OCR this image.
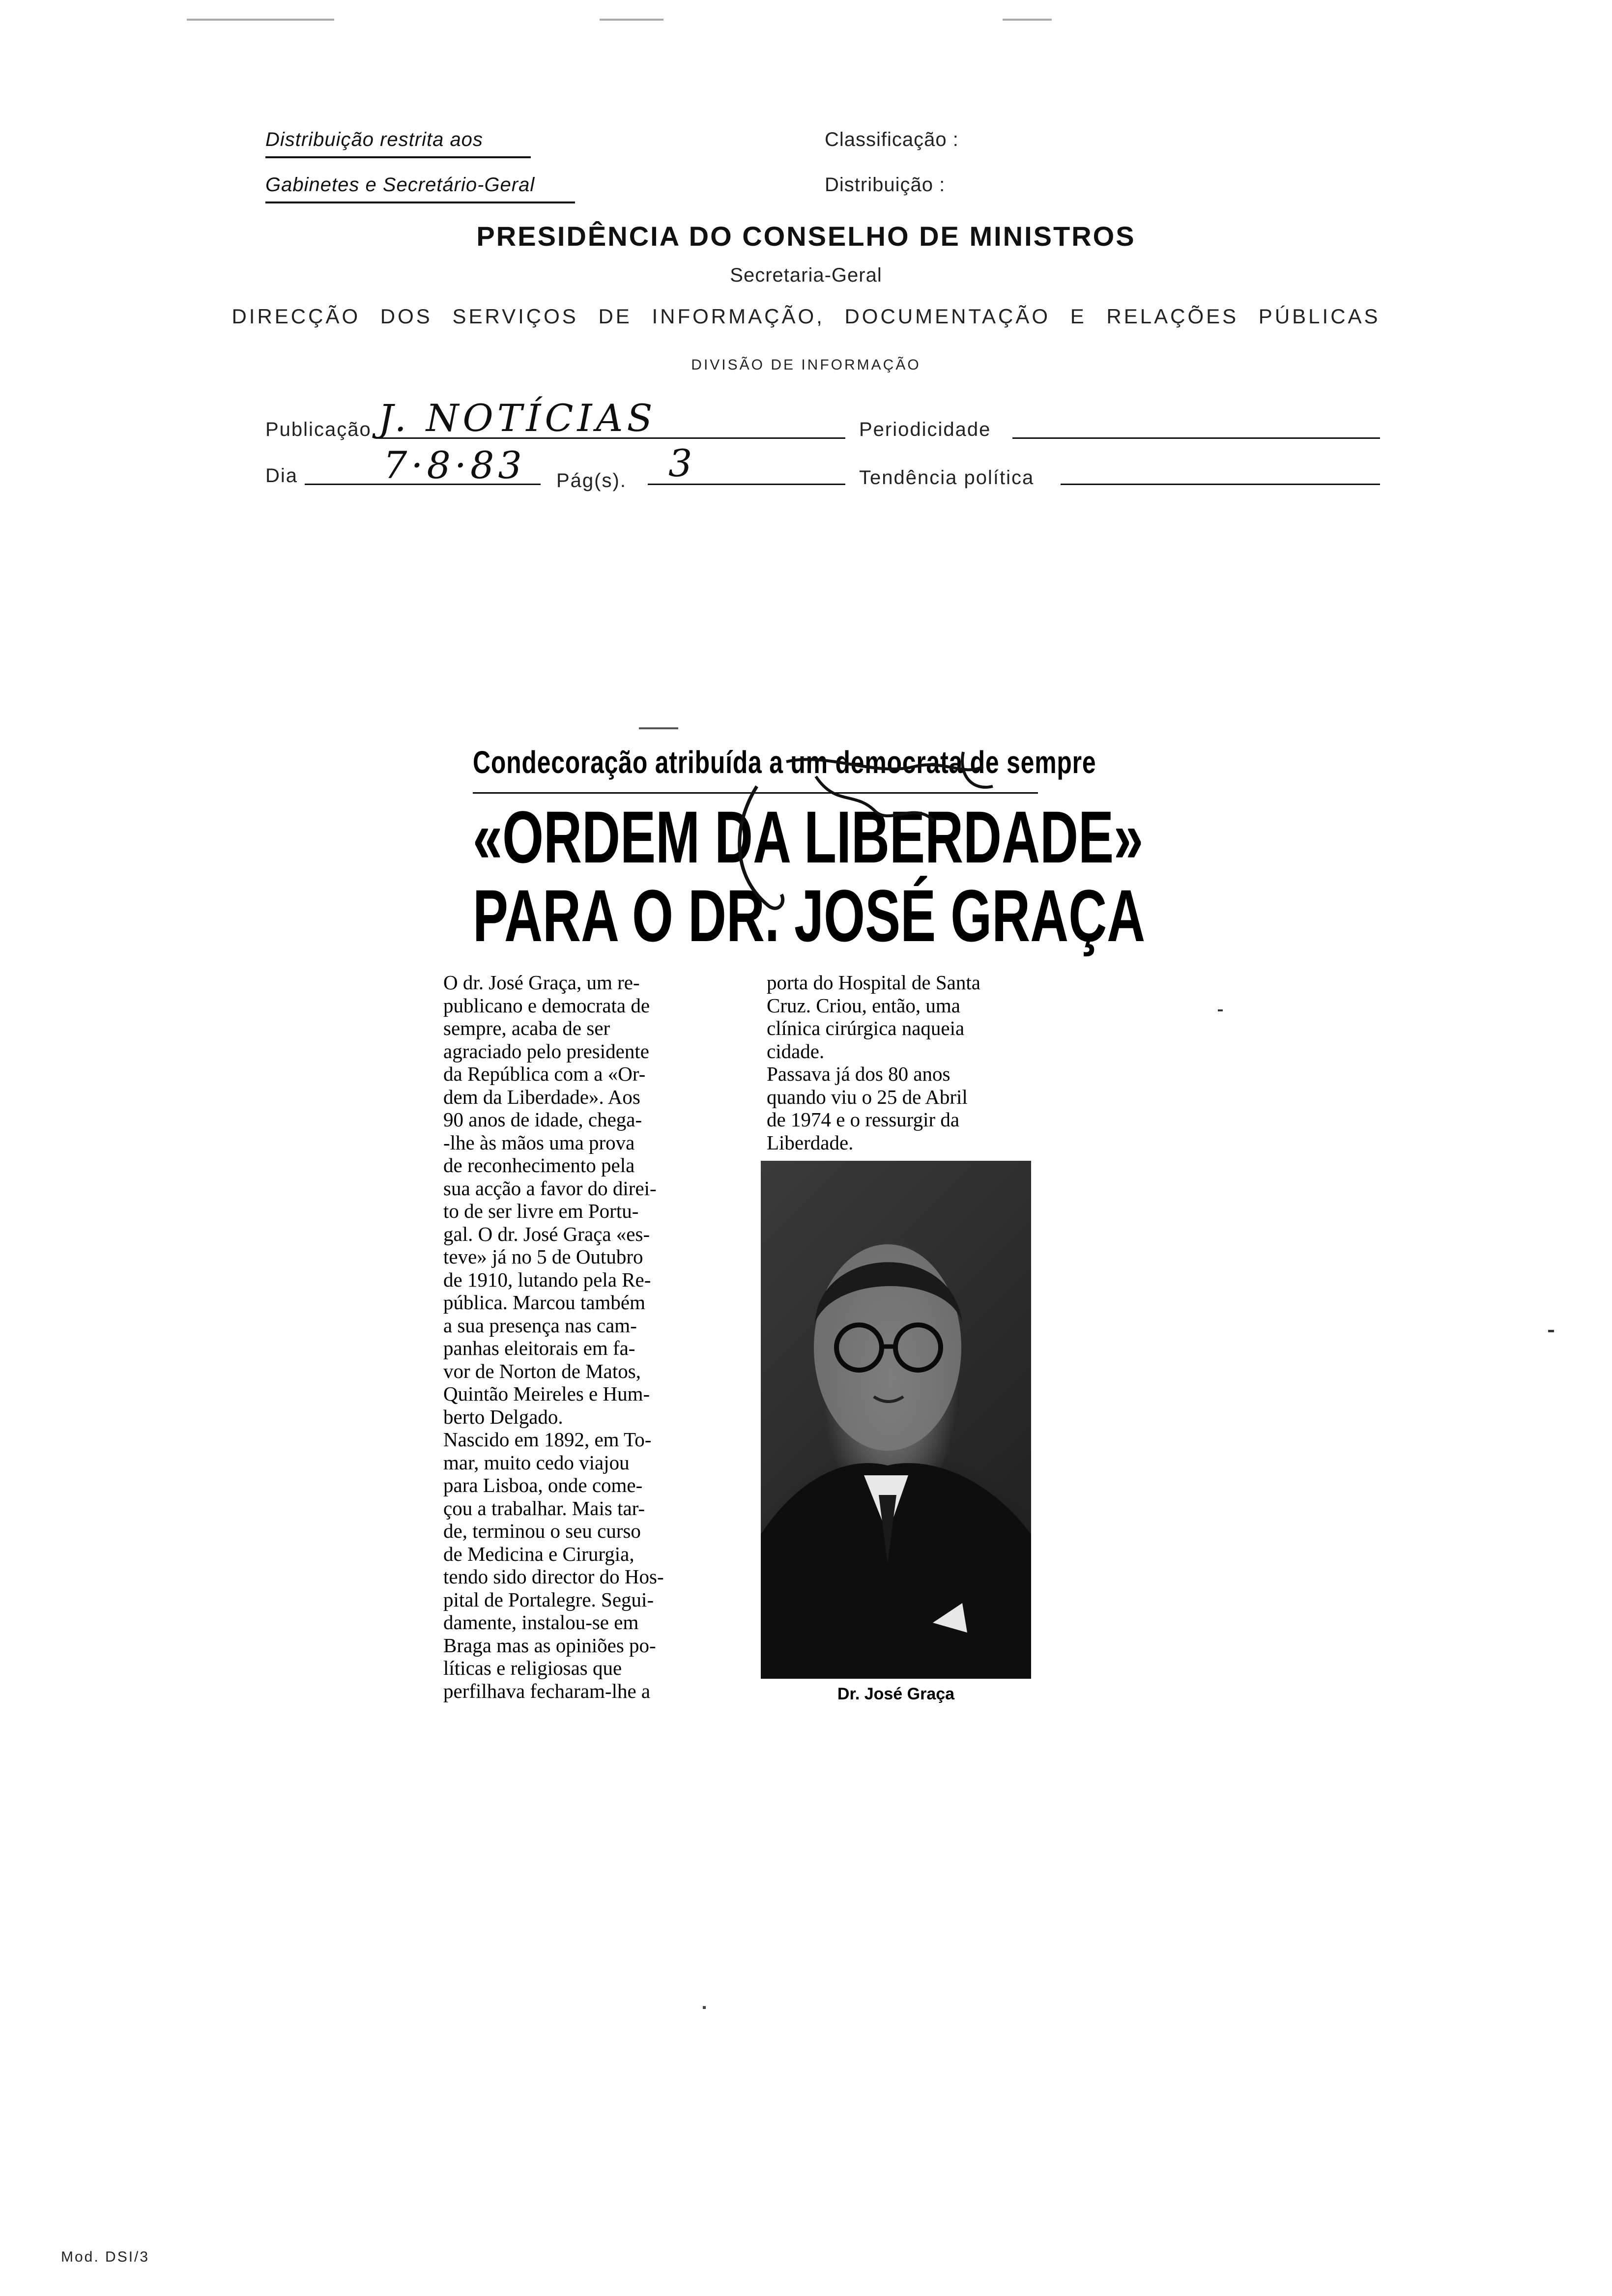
Distribuição restrita aos
Gabinetes e Secretário-Geral
Classificação :
Distribuição :
PRESIDÊNCIA DO CONSELHO DE MINISTROS
Secretaria-Geral
DIRECÇÃO DOS SERVIÇOS DE INFORMAÇÃO, DOCUMENTAÇÃO E RELAÇÕES PÚBLICAS
DIVISÃO DE INFORMAÇÃO
Publicação J. NOTÍCIAS	Periodicidade
Dia 7·8·83 Pág(s). 3	Tendência política
Condecoração atribuída a um democrata de sempre
«ORDEM DA LIBERDADE»
PARA O DR. JOSÉ GRAÇA
O dr. José Graça, um re-
publicano e democrata de
sempre, acaba de ser
agraciado pelo presidente
da República com a «Or-
dem da Liberdade». Aos
90 anos de idade, chega-
-lhe às mãos uma prova
de reconhecimento pela
sua acção a favor do direi-
to de ser livre em Portu-
gal. O dr. José Graça «es-
teve» já no 5 de Outubro
de 1910, lutando pela Re-
pública. Marcou também
a sua presença nas cam-
panhas eleitorais em fa-
vor de Norton de Matos,
Quintão Meireles e Hum-
berto Delgado.
Nascido em 1892, em To-
mar, muito cedo viajou
para Lisboa, onde come-
çou a trabalhar. Mais tar-
de, terminou o seu curso
de Medicina e Cirurgia,
tendo sido director do Hos-
pital de Portalegre. Segui-
damente, instalou-se em
Braga mas as opiniões po-
líticas e religiosas que
perfilhava fecharam-lhe a
porta do Hospital de Santa
Cruz. Criou, então, uma
clínica cirúrgica naqueia
cidade.
Passava já dos 80 anos
quando viu o 25 de Abril
de 1974 e o ressurgir da
Liberdade.
Dr. José Graça
Mod. DSI/3
